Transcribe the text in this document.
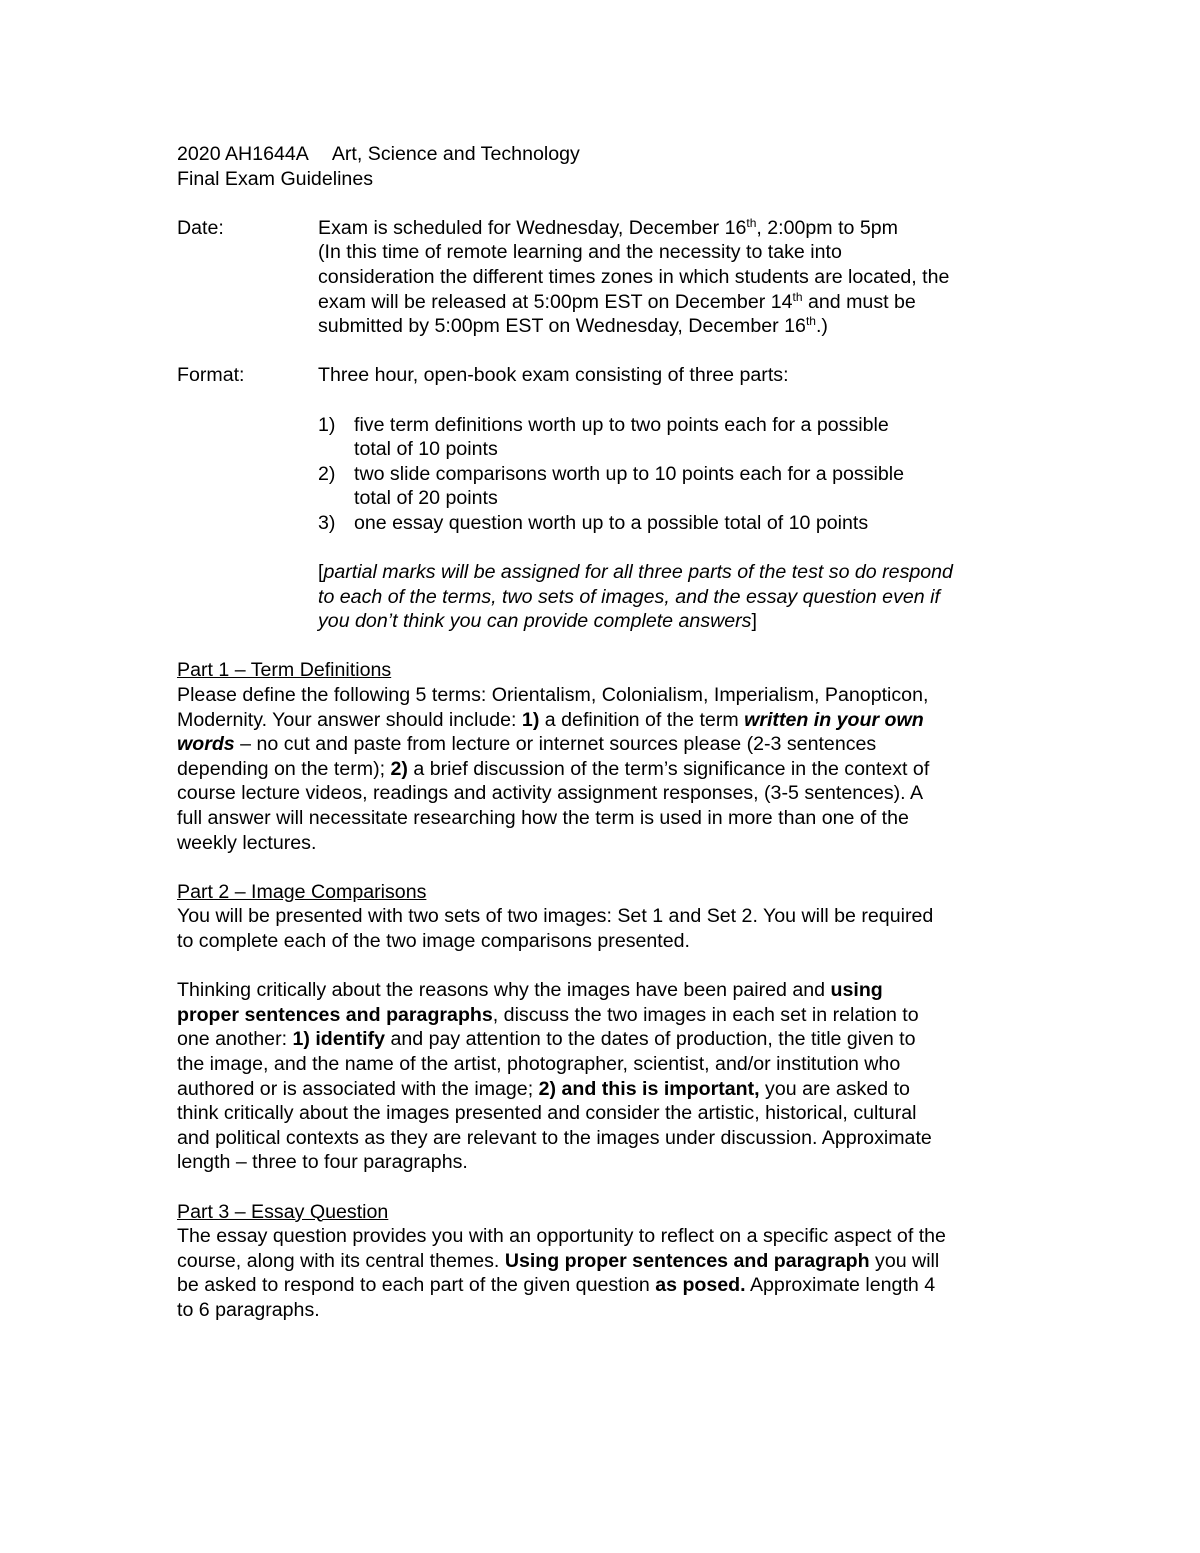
2020 AH1644A Art, Science and Technology

Final Exam Guidelines

Date:	Exam is scheduled for Wednesday, December 16th, 2:00pm to 5pm

(In this time of remote learning and the necessity to take into

consideration the different times zones in which students are located, the

exam will be released at 5:00pm EST on December 14th and must be

submitted by 5:00pm EST on Wednesday, December 16th.)

Format:	Three hour, open-book exam consisting of three parts:

1) five term definitions worth up to two points each for a possible

total of 10 points

2) two slide comparisons worth up to 10 points each for a possible

total of 20 points

3) one essay question worth up to a possible total of 10 points

[partial marks will be assigned for all three parts of the test so do respond

to each of the terms, two sets of images, and the essay question even if

you don’t think you can provide complete answers]

Part 1 – Term Definitions

Please define the following 5 terms: Orientalism, Colonialism, Imperialism, Panopticon,

Modernity. Your answer should include: 1) a definition of the term written in your own

words – no cut and paste from lecture or internet sources please (2-3 sentences

depending on the term); 2) a brief discussion of the term’s significance in the context of

course lecture videos, readings and activity assignment responses, (3-5 sentences). A

full answer will necessitate researching how the term is used in more than one of the

weekly lectures.

Part 2 – Image Comparisons

You will be presented with two sets of two images: Set 1 and Set 2. You will be required

to complete each of the two image comparisons presented.

Thinking critically about the reasons why the images have been paired and using

proper sentences and paragraphs, discuss the two images in each set in relation to

one another: 1) identify and pay attention to the dates of production, the title given to

the image, and the name of the artist, photographer, scientist, and/or institution who

authored or is associated with the image; 2) and this is important, you are asked to

think critically about the images presented and consider the artistic, historical, cultural

and political contexts as they are relevant to the images under discussion. Approximate

length – three to four paragraphs.

Part 3 – Essay Question

The essay question provides you with an opportunity to reflect on a specific aspect of the

course, along with its central themes. Using proper sentences and paragraph you will

be asked to respond to each part of the given question as posed. Approximate length 4

to 6 paragraphs.
